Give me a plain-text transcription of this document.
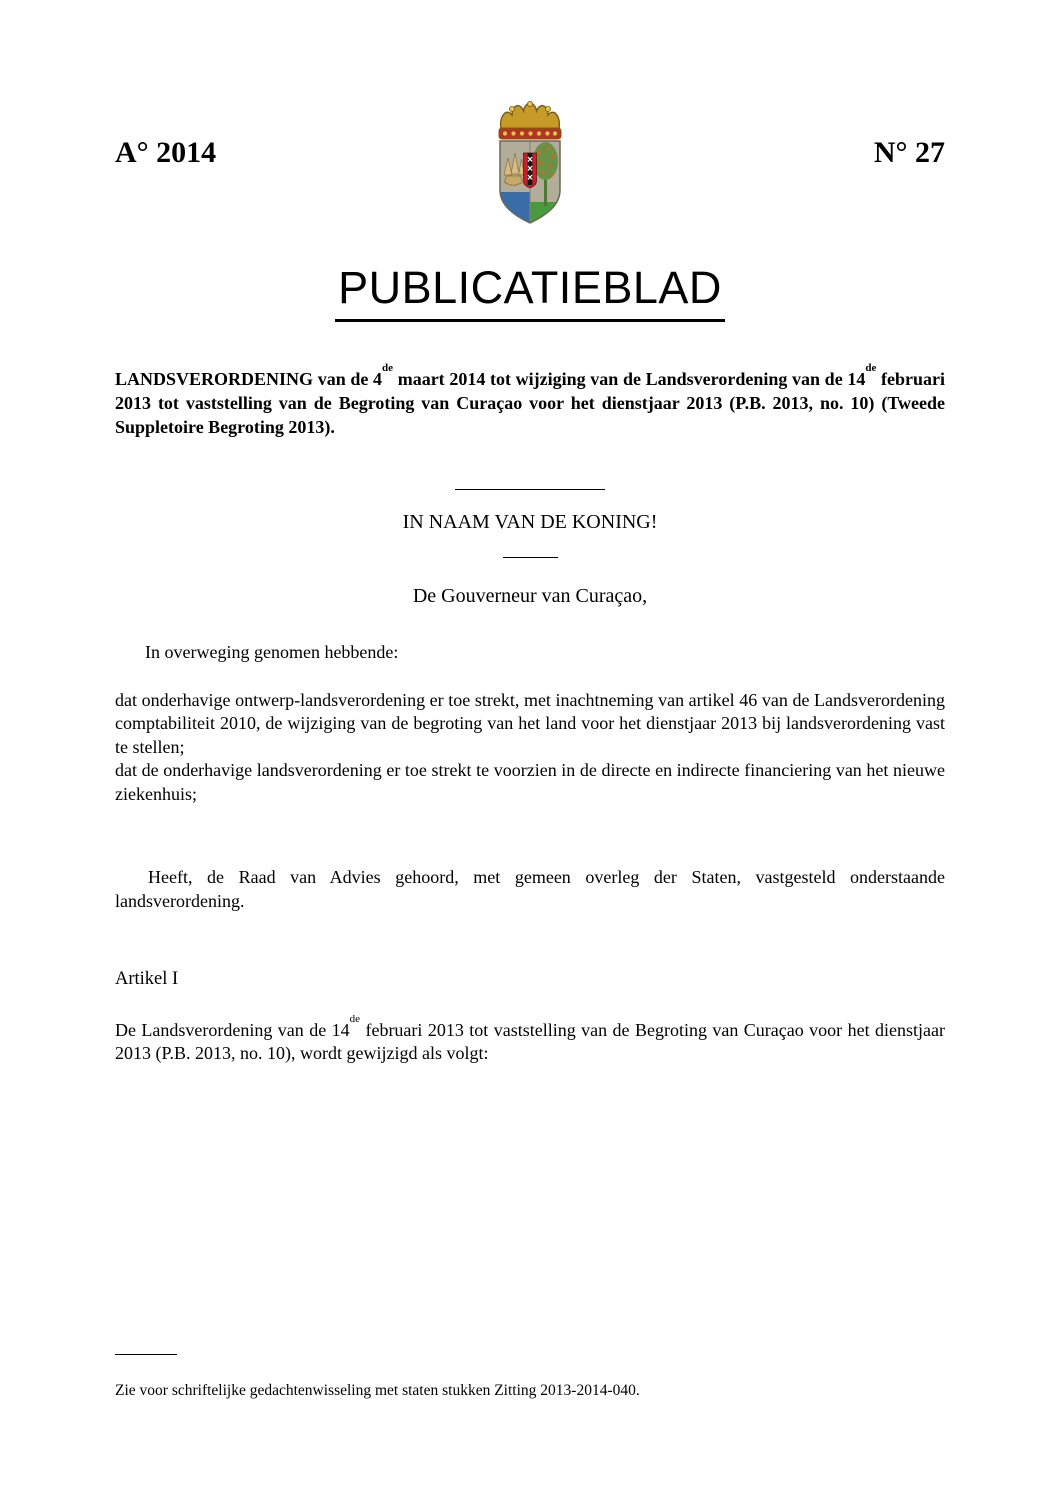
A° 2014	N° 27
PUBLICATIEBLAD

LANDSVERORDENING van de 4de maart 2014 tot wijziging van de Landsverordening van de 14de februari 2013 tot vaststelling van de Begroting van Curaçao voor het dienstjaar 2013 (P.B. 2013, no. 10) (Tweede Suppletoire Begroting 2013).

IN NAAM VAN DE KONING!

De Gouverneur van Curaçao,

In overweging genomen hebbende:

dat onderhavige ontwerp-landsverordening er toe strekt, met inachtneming van artikel 46 van de Landsverordening comptabiliteit 2010, de wijziging van de begroting van het land voor het dienstjaar 2013 bij landsverordening vast te stellen;

dat de onderhavige landsverordening er toe strekt te voorzien in de directe en indirecte financiering van het nieuwe ziekenhuis;

Heeft, de Raad van Advies gehoord, met gemeen overleg der Staten, vastgesteld onderstaande landsverordening.

Artikel I

De Landsverordening van de 14de februari 2013 tot vaststelling van de Begroting van Curaçao voor het dienstjaar 2013 (P.B. 2013, no. 10), wordt gewijzigd als volgt:

Zie voor schriftelijke gedachtenwisseling met staten stukken Zitting 2013-2014-040.
